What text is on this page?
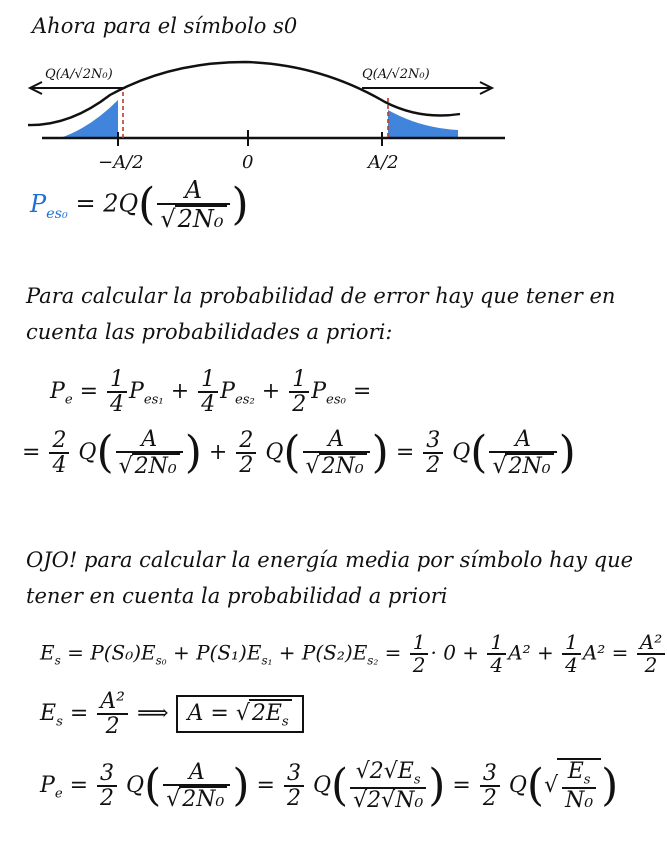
Ahora para el símbolo s0
Q(A/√2N₀)	Q(A/√2N₀)
−A/2	0	A/2
$P_{es_0} = 2Q( \frac{A}{\text{√2N₀}}$ )
Para calcular la probabilidad de error hay que tener en
cuenta las probabilidades a priori:
$P_e = \frac{1}{4} P_{es_1} + \frac{1}{4} P_{es_2} + \frac{1}{2} P_{es_0}$ =
= $\frac{2}{4} Q( \frac{A}{\text{√2N₀}}$ ) + $\frac{2}{2} Q( \frac{A}{\text{√2N₀}}$ ) = $\frac{3}{2} Q( \frac{A}{\text{√2N₀}}$ )
OJO! para calcular la energía media por símbolo hay que
tener en cuenta la probabilidad a priori
$E_s = P(S_0)E_{s_0} + P(S_1)E_{s_1} + P(S_2)E_{s_2} = \frac{1}{2} \cdot 0 + \frac{1}{4} A^2 + \frac{1}{4} A^2 = \frac{\text{A²}}{2}$
$E_s = \frac{\text{A²}}{2}$ ⟹ $A = √2E_s$
$P_e = \frac{3}{2} Q( \frac{A}{\text{√2N₀}}$ ) = $\frac{3}{2} Q( \frac{√2√E_s}{\text{√2√N₀}}$ ) = $\frac{3}{2} Q(√ \frac{E_s}{\text{N₀}}$ )
